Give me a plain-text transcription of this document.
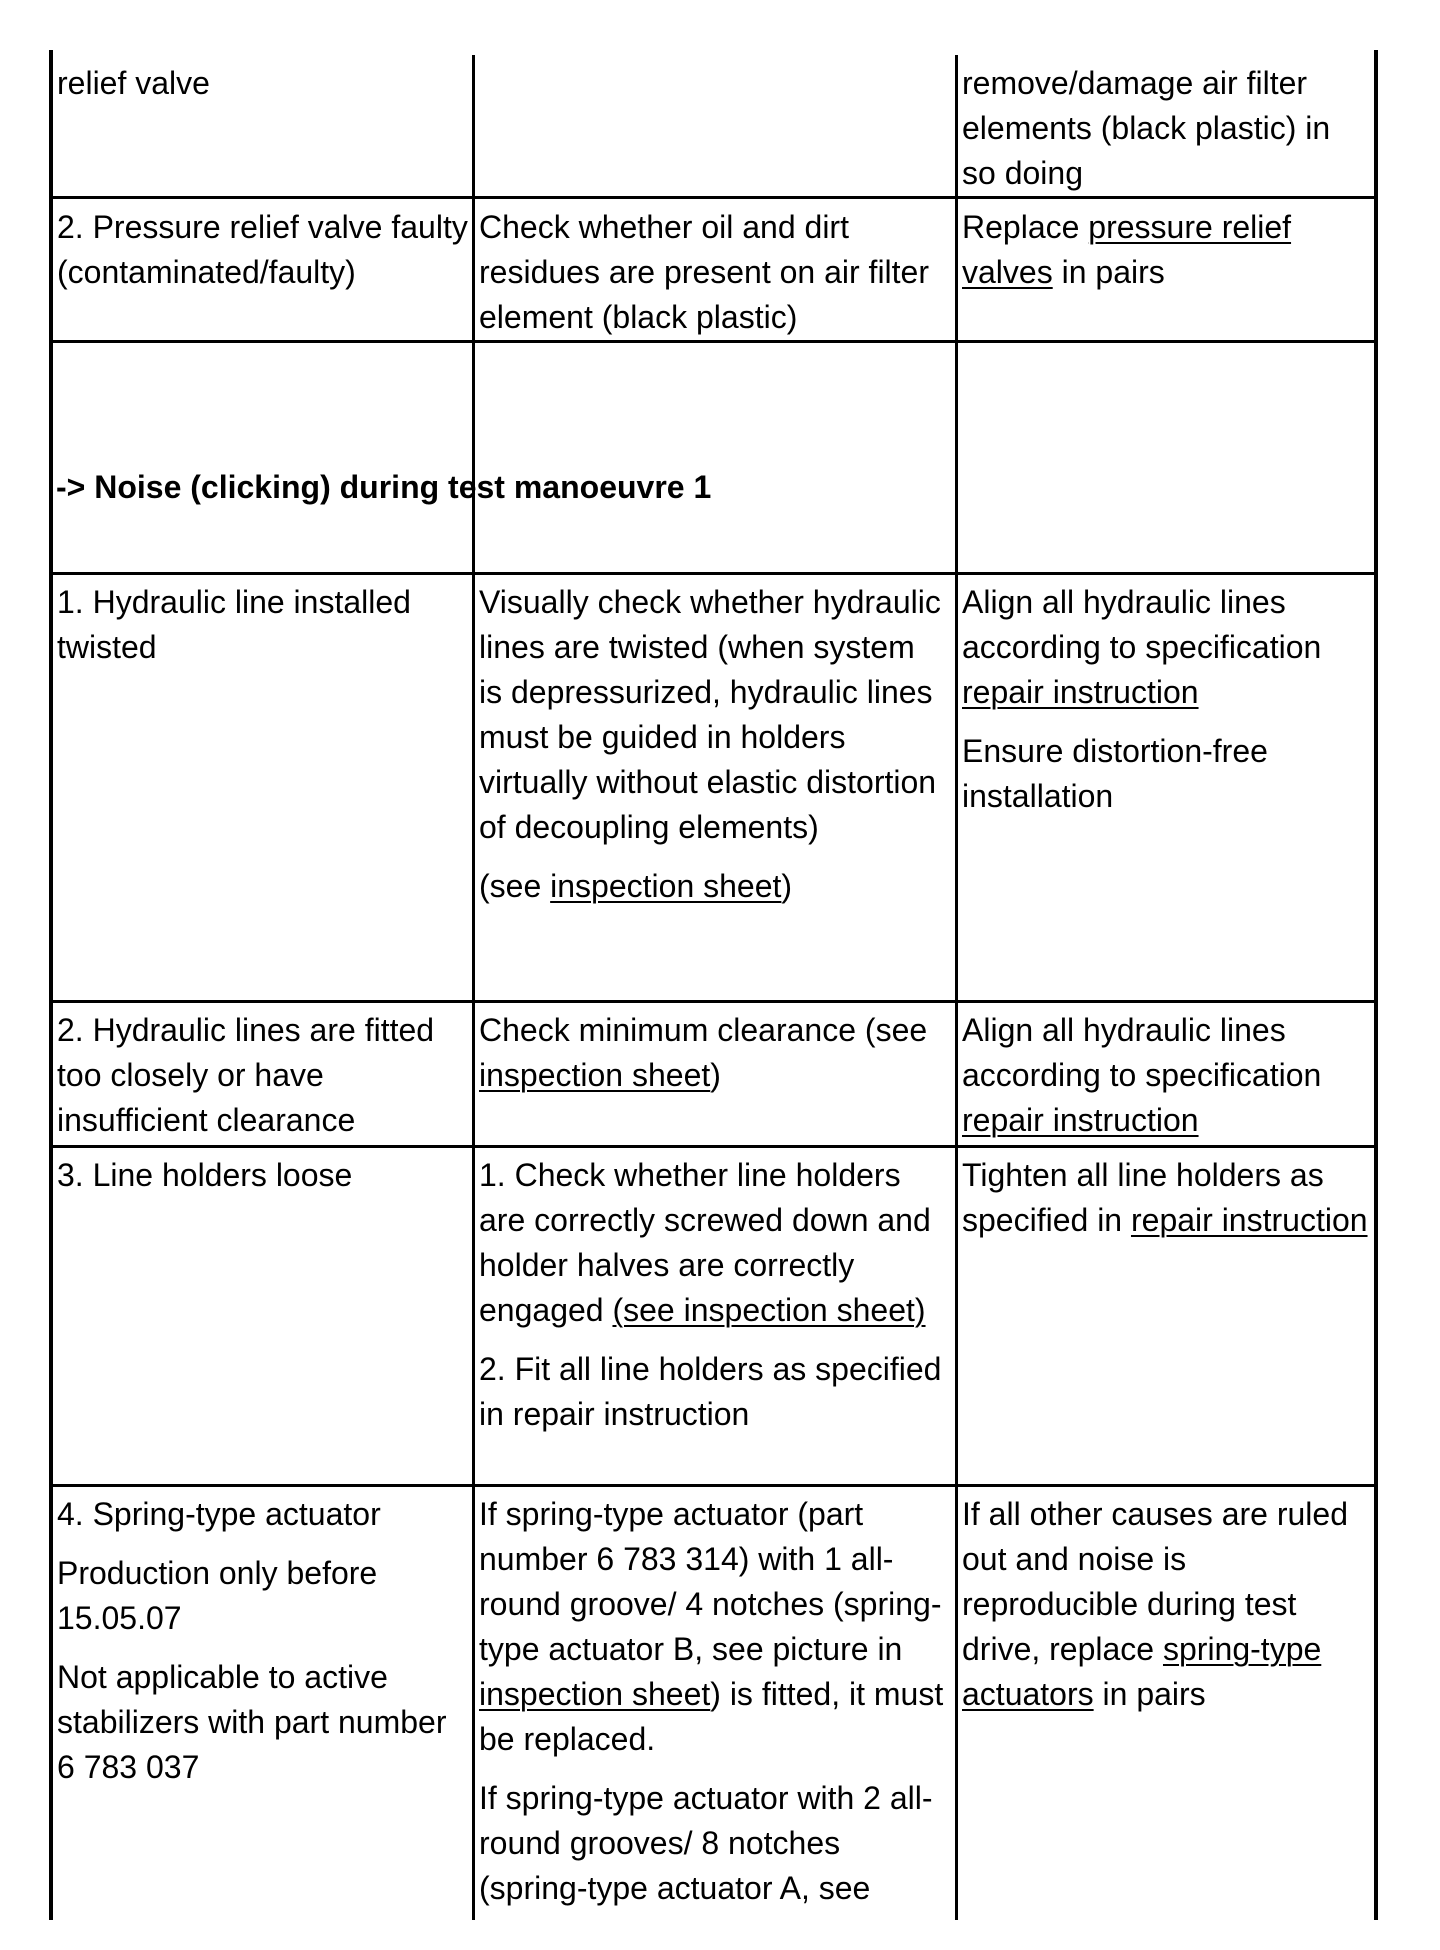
relief valve	remove/damage air filter elements (black plastic) in so doing
2. Pressure relief valve faulty (contaminated/faulty)
Check whether oil and dirt residues are present on air filter element (black plastic)
Replace pressure relief valves in pairs
-> Noise (clicking) during test manoeuvre 1
1. Hydraulic line installed twisted

Visually check whether hydraulic lines are twisted (when system is depressurized, hydraulic lines must be guided in holders virtually without elastic distortion of decoupling elements)

(see inspection sheet)

Align all hydraulic lines according to specification repair instruction

Ensure distortion-free installation

2. Hydraulic lines are fitted too closely or have insufficient clearance
Check minimum clearance (see inspection sheet)
Align all hydraulic lines according to specification repair instruction
3. Line holders loose	1. Check whether line holders are correctly screwed down and holder halves are correctly engaged (see inspection sheet)

2. Fit all line holders as specified in repair instruction

Tighten all line holders as specified in repair instruction

4. Spring-type actuator

Production only before 15.05.07

Not applicable to active stabilizers with part number 6 783 037

If spring-type actuator (part number 6 783 314) with 1 all-round groove/ 4 notches (spring-type actuator B, see picture in inspection sheet) is fitted, it must be replaced.

If spring-type actuator with 2 all-round grooves/ 8 notches (spring-type actuator A, see

If all other causes are ruled out and noise is reproducible during test drive, replace spring-type actuators in pairs
